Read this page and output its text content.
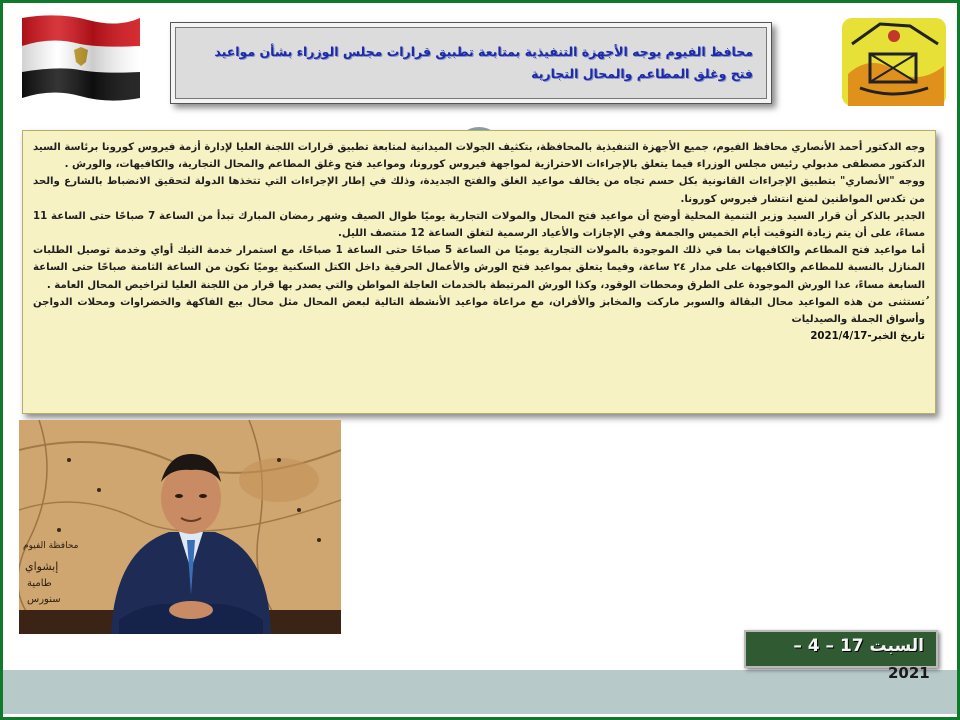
محافظ الفيوم يوجه الأجهزة التنفيذية بمتابعة تطبيق قرارات مجلس الوزراء بشأن مواعيد فتح وغلق المطاعم والمحال التجارية

وجه الدكتور أحمد الأنصاري محافظ الفيوم، جميع الأجهزة التنفيذية بالمحافظة، بتكثيف الجولات الميدانية لمتابعة تطبيق قرارات اللجنة العليا لإدارة أزمة فيروس كورونا برئاسة السيد الدكتور مصطفى مدبولي رئيس مجلس الوزراء فيما يتعلق بالإجراءات الاحترازية لمواجهة فيروس كورونا، ومواعيد فتح وغلق المطاعم والمحال التجارية، والكافيهات، والورش .

ووجه "الأنصاري" بتطبيق الإجراءات القانونية بكل حسم تجاه من يخالف مواعيد الغلق والفتح الجديدة، وذلك في إطار الإجراءات التي تتخذها الدولة لتحقيق الانضباط بالشارع والحد من تكدس المواطنين لمنع انتشار فيروس كورونا.

الجدير بالذكر أن قرار السيد وزير التنمية المحلية أوضح أن مواعيد فتح المحال والمولات التجارية يوميًا طوال الصيف وشهر رمضان المبارك تبدأ من الساعة 7 صباحًا حتى الساعة 11 مساءً، على أن يتم زيادة التوقيت أيام الخميس والجمعة وفي الإجازات والأعياد الرسمية لتغلق الساعة 12 منتصف الليل.

أما مواعيد فتح المطاعم والكافيهات بما في ذلك الموجودة بالمولات التجارية يوميًا من الساعة 5 صباحًا حتى الساعة 1 صباحًا، مع استمرار خدمة التيك أواي وخدمة توصيل الطلبات المنازل بالنسبة للمطاعم والكافيهات على مدار ٢٤ ساعة، وفيما يتعلق بمواعيد فتح الورش والأعمال الحرفية داخل الكتل السكنية يوميًا تكون من الساعة الثامنة صباحًا حتى الساعة السابعة مساءً، عدا الورش الموجودة على الطرق ومحطات الوقود، وكذا الورش المرتبطة بالخدمات العاجلة المواطن والتي يصدر بها قرار من اللجنة العليا لتراخيص المحال العامة .

ُتستثنى من هذه المواعيد محال البقالة والسوبر ماركت والمخابز والأفران، مع مراعاة مواعيد الأنشطة التالية لبعض المحال مثل محال بيع الفاكهة والخضراوات ومحلات الدواجن وأسواق الجملة والصيدليات

تاريخ الخبر-2021/4/17

محافظة الفيوم
إبشواي
طامية
سنورس
السبت 17 – 4 –
2021
